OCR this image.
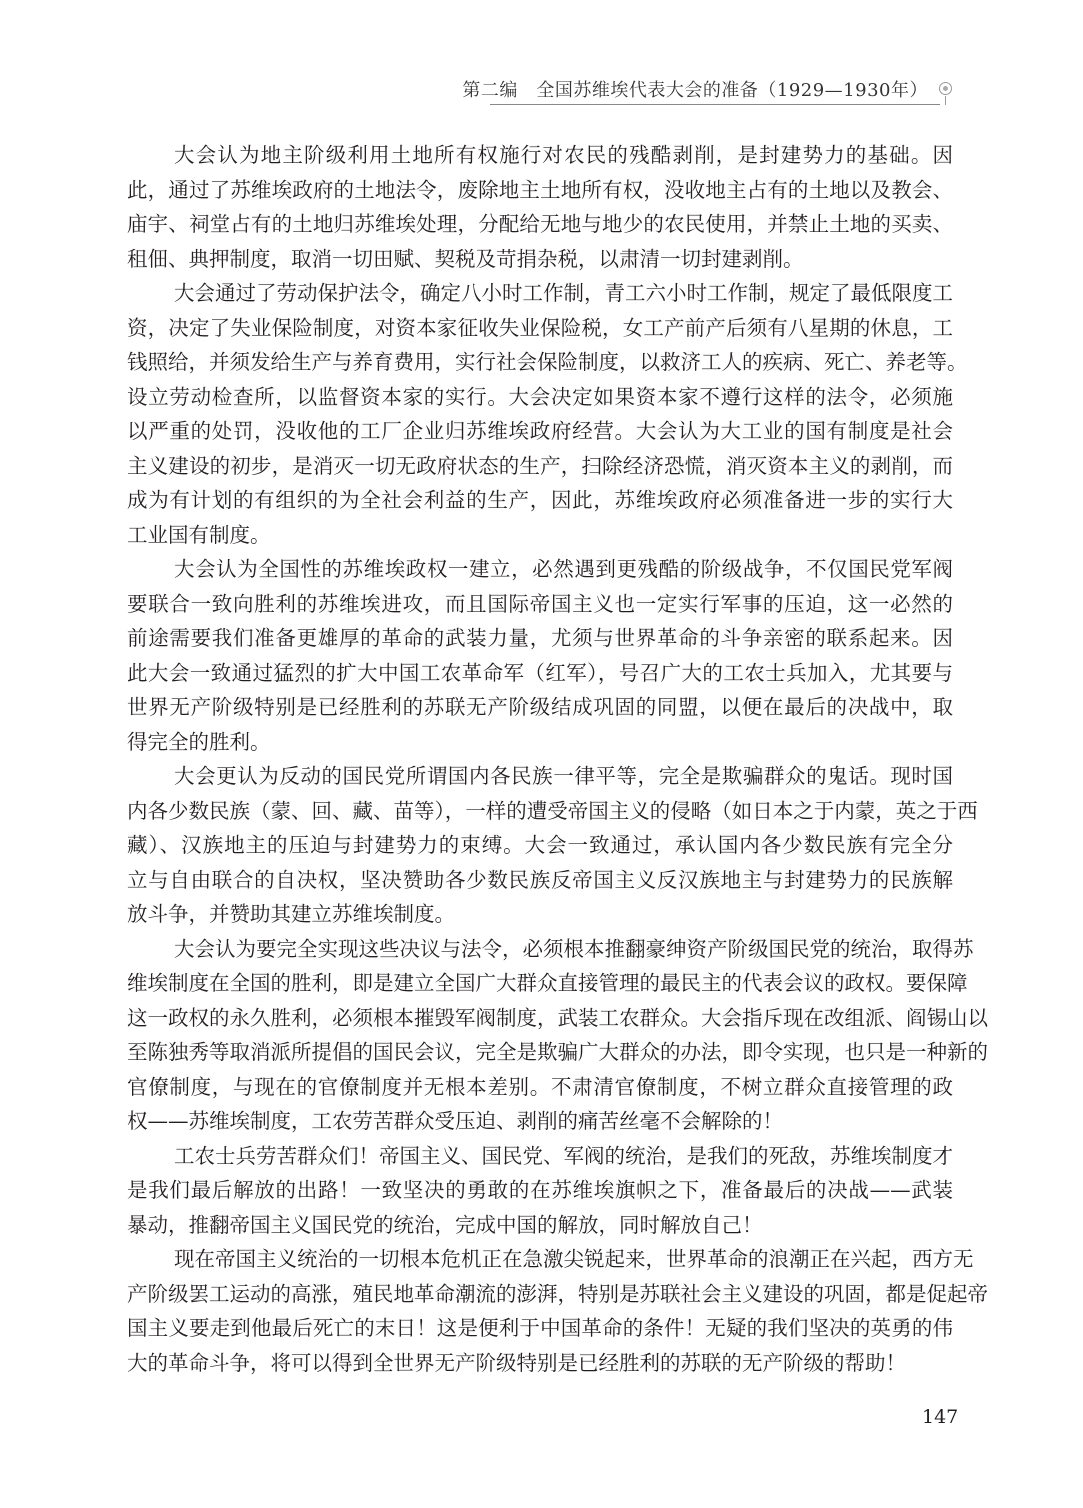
第二编　全国苏维埃代表大会的准备（1929—1930年）
大会认为地主阶级利用土地所有权施行对农民的残酷剥削，是封建势力的基础。因
此，通过了苏维埃政府的土地法令，废除地主土地所有权，没收地主占有的土地以及教会、
庙宇、祠堂占有的土地归苏维埃处理，分配给无地与地少的农民使用，并禁止土地的买卖、
租佃、典押制度，取消一切田赋、契税及苛捐杂税，以肃清一切封建剥削。
大会通过了劳动保护法令，确定八小时工作制，青工六小时工作制，规定了最低限度工
资，决定了失业保险制度，对资本家征收失业保险税，女工产前产后须有八星期的休息，工
钱照给，并须发给生产与养育费用，实行社会保险制度，以救济工人的疾病、死亡、养老等。
设立劳动检查所，以监督资本家的实行。大会决定如果资本家不遵行这样的法令，必须施
以严重的处罚，没收他的工厂企业归苏维埃政府经营。大会认为大工业的国有制度是社会
主义建设的初步，是消灭一切无政府状态的生产，扫除经济恐慌，消灭资本主义的剥削，而
成为有计划的有组织的为全社会利益的生产，因此，苏维埃政府必须准备进一步的实行大
工业国有制度。
大会认为全国性的苏维埃政权一建立，必然遇到更残酷的阶级战争，不仅国民党军阀
要联合一致向胜利的苏维埃进攻，而且国际帝国主义也一定实行军事的压迫，这一必然的
前途需要我们准备更雄厚的革命的武装力量，尤须与世界革命的斗争亲密的联系起来。因
此大会一致通过猛烈的扩大中国工农革命军（红军），号召广大的工农士兵加入，尤其要与
世界无产阶级特别是已经胜利的苏联无产阶级结成巩固的同盟，以便在最后的决战中，取
得完全的胜利。
大会更认为反动的国民党所谓国内各民族一律平等，完全是欺骗群众的鬼话。现时国
内各少数民族（蒙、回、藏、苗等），一样的遭受帝国主义的侵略（如日本之于内蒙，英之于西
藏）、汉族地主的压迫与封建势力的束缚。大会一致通过，承认国内各少数民族有完全分
立与自由联合的自决权，坚决赞助各少数民族反帝国主义反汉族地主与封建势力的民族解
放斗争，并赞助其建立苏维埃制度。
大会认为要完全实现这些决议与法令，必须根本推翻豪绅资产阶级国民党的统治，取得苏
维埃制度在全国的胜利，即是建立全国广大群众直接管理的最民主的代表会议的政权。要保障
这一政权的永久胜利，必须根本摧毁军阀制度，武装工农群众。大会指斥现在改组派、阎锡山以
至陈独秀等取消派所提倡的国民会议，完全是欺骗广大群众的办法，即令实现，也只是一种新的
官僚制度，与现在的官僚制度并无根本差别。不肃清官僚制度，不树立群众直接管理的政
权——苏维埃制度，工农劳苦群众受压迫、剥削的痛苦丝毫不会解除的！
工农士兵劳苦群众们！帝国主义、国民党、军阀的统治，是我们的死敌，苏维埃制度才
是我们最后解放的出路！一致坚决的勇敢的在苏维埃旗帜之下，准备最后的决战——武装
暴动，推翻帝国主义国民党的统治，完成中国的解放，同时解放自己！
现在帝国主义统治的一切根本危机正在急激尖锐起来，世界革命的浪潮正在兴起，西方无
产阶级罢工运动的高涨，殖民地革命潮流的澎湃，特别是苏联社会主义建设的巩固，都是促起帝
国主义要走到他最后死亡的末日！这是便利于中国革命的条件！无疑的我们坚决的英勇的伟
大的革命斗争，将可以得到全世界无产阶级特别是已经胜利的苏联的无产阶级的帮助！
147
